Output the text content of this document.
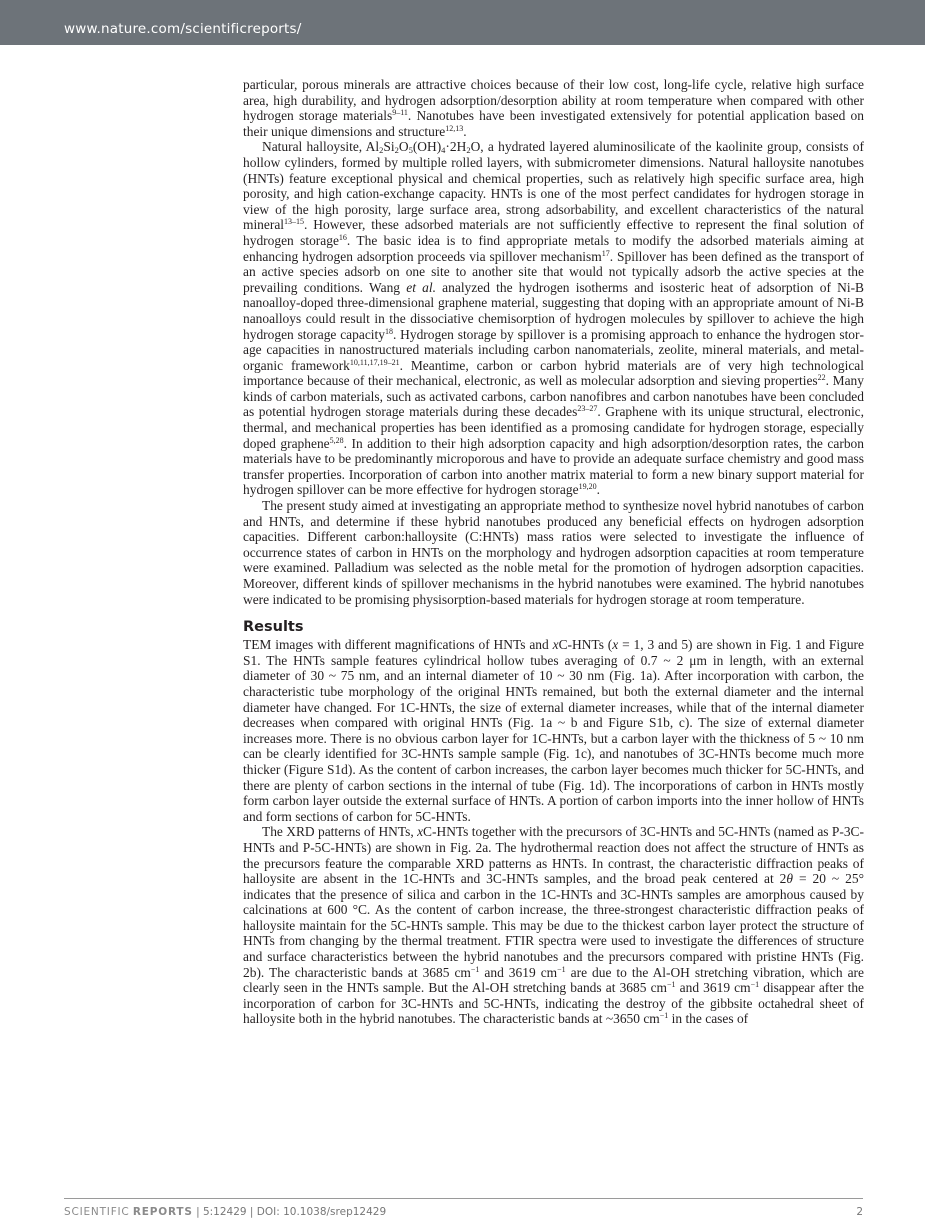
www.nature.com/scientificreports/

particular, porous minerals are attractive choices because of their low cost, long-life cycle, relative high surface area, high durability, and hydrogen adsorption/desorption ability at room temperature when compared with other hydrogen storage materials$^{9-11}$. Nanotubes have been investigated extensively for potential application based on their unique dimensions and structure$^{12,13}$.

Natural halloysite, $Al_2Si_2O_5(OH)_4\cdot 2H_2O$, a hydrated layered aluminosilicate of the kaolinite group, consists of hollow cylinders, formed by multiple rolled layers, with submicrometer dimensions. Natural halloysite nanotubes (HNTs) feature exceptional physical and chemical properties, such as relatively high specific surface area, high porosity, and high cation-exchange capacity. HNTs is one of the most perfect candidates for hydrogen storage in view of the high porosity, large surface area, strong adsorbability, and excellent characteristics of the natural mineral$^{13-15}$. However, these adsorbed materials are not sufficiently effective to represent the final solution of hydrogen storage$^{16}$. The basic idea is to find appropriate metals to modify the adsorbed materials aiming at enhancing hydrogen adsorption proceeds via spillover mechanism$^{17}$. Spillover has been defined as the transport of an active species adsorb on one site to another site that would not typically adsorb the active species at the prevailing conditions. Wang et al. analyzed the hydrogen isotherms and isosteric heat of adsorption of Ni-B nanoalloy-doped three-dimensional graphene material, suggesting that doping with an appropriate amount of Ni-B nanoalloys could result in the dissociative chemisorption of hydrogen molecules by spillover to achieve the high hydrogen storage capacity$^{18}$. Hydrogen storage by spillover is a promising approach to enhance the hydrogen storage capacities in nanostructured materials including carbon nanomaterials, zeolite, mineral materials, and metal-organic framework$^{10,11,17,19-21}$. Meantime, carbon or carbon hybrid materials are of very high technological importance because of their mechanical, electronic, as well as molecular adsorption and sieving properties$^{22}$. Many kinds of carbon materials, such as activated carbons, carbon nanofibres and carbon nanotubes have been concluded as potential hydrogen storage materials during these decades$^{23-27}$. Graphene with its unique structural, electronic, thermal, and mechanical properties has been identified as a promosing candidate for hydrogen storage, especially doped graphene$^{5,28}$. In addition to their high adsorption capacity and high adsorption/desorption rates, the carbon materials have to be predominantly microporous and have to provide an adequate surface chemistry and good mass transfer properties. Incorporation of carbon into another matrix material to form a new binary support material for hydrogen spillover can be more effective for hydrogen storage$^{19,20}$.

The present study aimed at investigating an appropriate method to synthesize novel hybrid nanotubes of carbon and HNTs, and determine if these hybrid nanotubes produced any beneficial effects on hydrogen adsorption capacities. Different carbon:halloysite (C:HNTs) mass ratios were selected to investigate the influence of occurrence states of carbon in HNTs on the morphology and hydrogen adsorption capacities at room temperature were examined. Palladium was selected as the noble metal for the promotion of hydrogen adsorption capacities. Moreover, different kinds of spillover mechanisms in the hybrid nanotubes were examined. The hybrid nanotubes were indicated to be promising physisorption-based materials for hydrogen storage at room temperature.

Results

TEM images with different magnifications of HNTs and xC-HNTs (x = 1, 3 and 5) are shown in Fig. 1 and Figure S1. The HNTs sample features cylindrical hollow tubes averaging of 0.7 ~ 2 μm in length, with an external diameter of 30 ~ 75 nm, and an internal diameter of 10 ~ 30 nm (Fig. 1a). After incorporation with carbon, the characteristic tube morphology of the original HNTs remained, but both the external diameter and the internal diameter have changed. For 1C-HNTs, the size of external diameter increases, while that of the internal diameter decreases when compared with original HNTs (Fig. 1a ~ b and Figure S1b, c). The size of external diameter increases more. There is no obvious carbon layer for 1C-HNTs, but a carbon layer with the thickness of 5 ~ 10 nm can be clearly identified for 3C-HNTs sample sample (Fig. 1c), and nanotubes of 3C-HNTs become much more thicker (Figure S1d). As the content of carbon increases, the carbon layer becomes much thicker for 5C-HNTs, and there are plenty of carbon sections in the internal of tube (Fig. 1d). The incorporations of carbon in HNTs mostly form carbon layer outside the external surface of HNTs. A portion of carbon imports into the inner hollow of HNTs and form sections of carbon for 5C-HNTs.

The XRD patterns of HNTs, xC-HNTs together with the precursors of 3C-HNTs and 5C-HNTs (named as P-3C-HNTs and P-5C-HNTs) are shown in Fig. 2a. The hydrothermal reaction does not affect the structure of HNTs as the precursors feature the comparable XRD patterns as HNTs. In contrast, the characteristic diffraction peaks of halloysite are absent in the 1C-HNTs and 3C-HNTs samples, and the broad peak centered at 2θ = 20 ~ 25° indicates that the presence of silica and carbon in the 1C-HNTs and 3C-HNTs samples are amorphous caused by calcinations at 600 °C. As the content of carbon increase, the three-strongest characteristic diffraction peaks of halloysite maintain for the 5C-HNTs sample. This may be due to the thickest carbon layer protect the structure of HNTs from changing by the thermal treatment. FTIR spectra were used to investigate the differences of structure and surface characteristics between the hybrid nanotubes and the precursors compared with pristine HNTs (Fig. 2b). The characteristic bands at 3685 $cm^{-1}$ and 3619 $cm^{-1}$ are due to the Al-OH stretching vibration, which are clearly seen in the HNTs sample. But the Al-OH stretching bands at 3685 $cm^{-1}$ and 3619 $cm^{-1}$ disappear after the incorporation of carbon for 3C-HNTs and 5C-HNTs, indicating the destroy of the gibbsite octahedral sheet of halloysite both in the hybrid nanotubes. The characteristic bands at ~3650 $cm^{-1}$ in the cases of

SCIENTIFIC REPORTS | 5:12429 | DOI: 10.1038/srep12429	2
